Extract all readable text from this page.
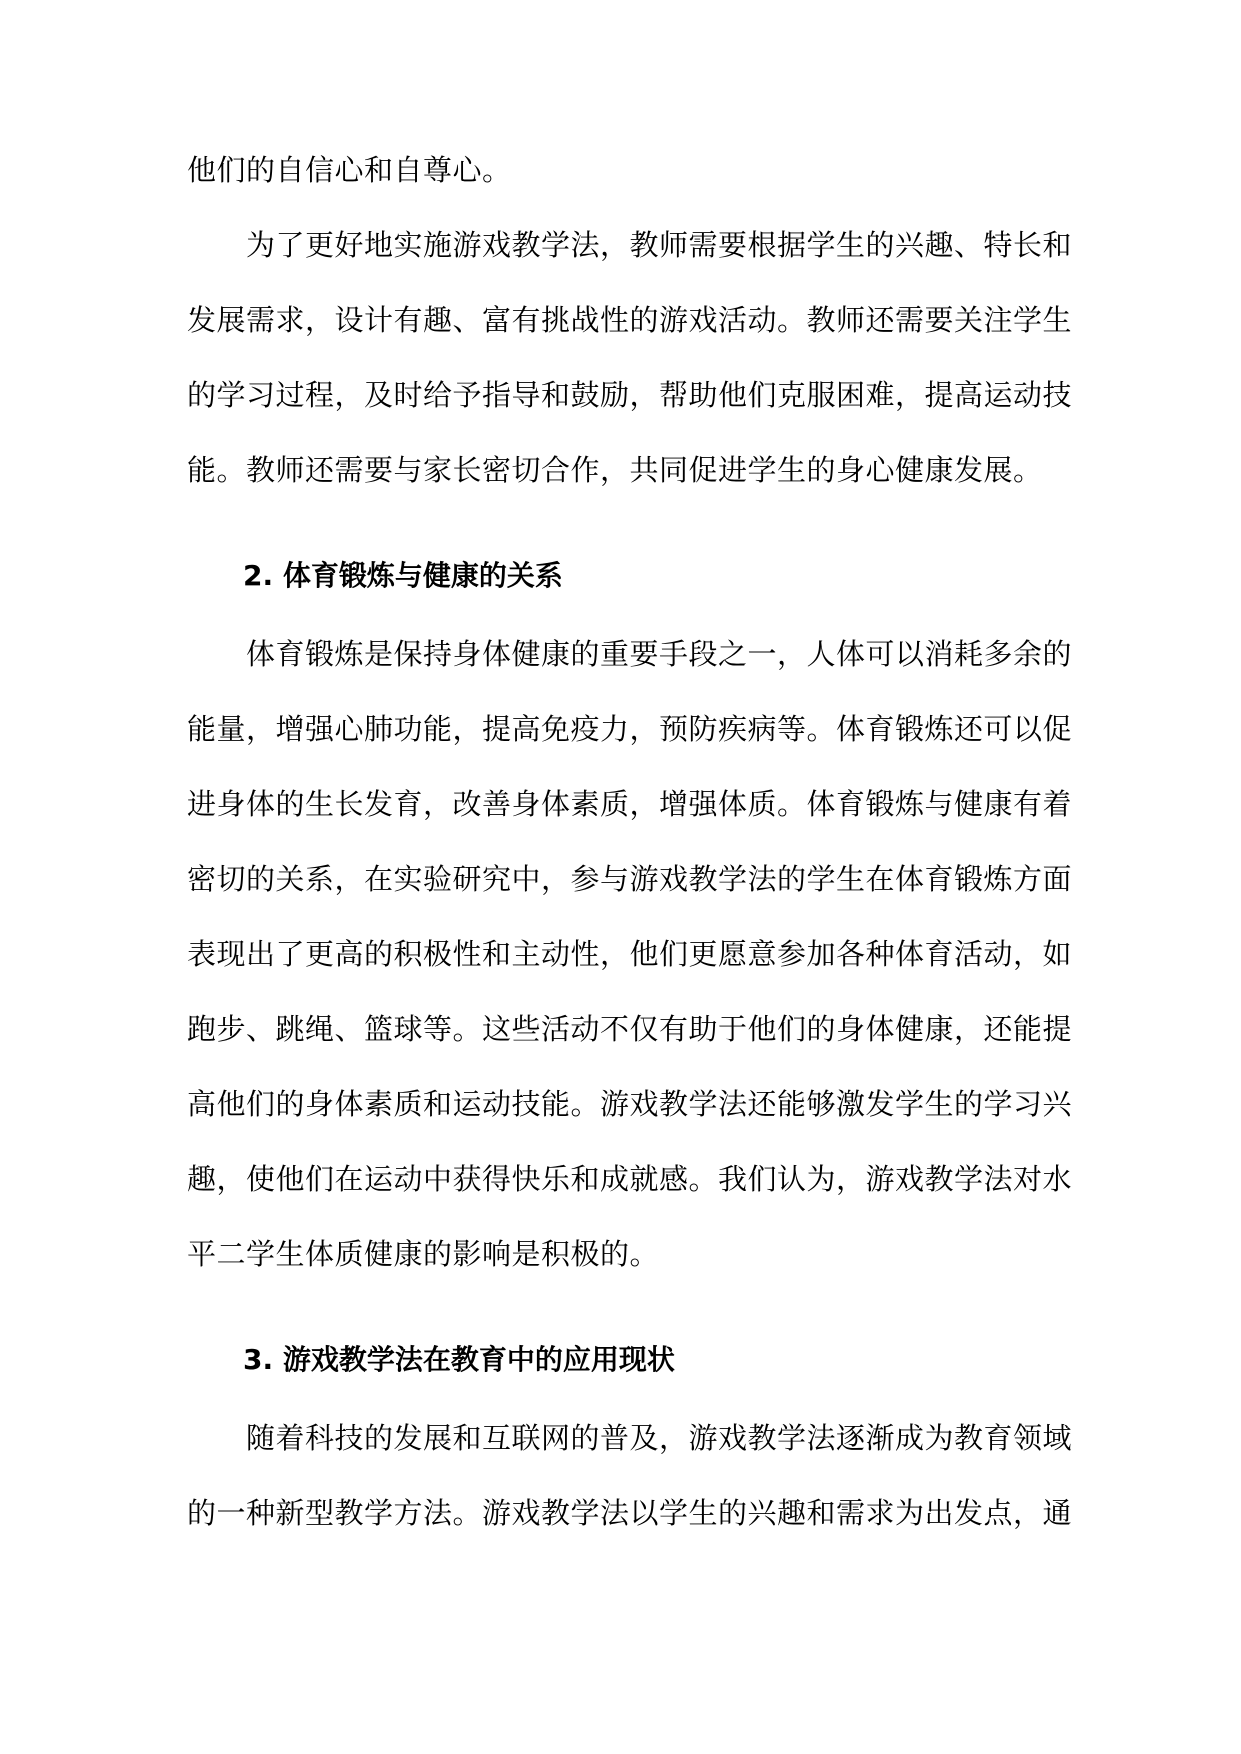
他们的自信心和自尊心。
为了更好地实施游戏教学法，教师需要根据学生的兴趣、特长和
发展需求，设计有趣、富有挑战性的游戏活动。教师还需要关注学生
的学习过程，及时给予指导和鼓励，帮助他们克服困难，提高运动技
能。教师还需要与家长密切合作，共同促进学生的身心健康发展。
2. 体育锻炼与健康的关系
体育锻炼是保持身体健康的重要手段之一，人体可以消耗多余的
能量，增强心肺功能，提高免疫力，预防疾病等。体育锻炼还可以促
进身体的生长发育，改善身体素质，增强体质。体育锻炼与健康有着
密切的关系，在实验研究中，参与游戏教学法的学生在体育锻炼方面
表现出了更高的积极性和主动性，他们更愿意参加各种体育活动，如
跑步、跳绳、篮球等。这些活动不仅有助于他们的身体健康，还能提
高他们的身体素质和运动技能。游戏教学法还能够激发学生的学习兴
趣，使他们在运动中获得快乐和成就感。我们认为，游戏教学法对水
平二学生体质健康的影响是积极的。
3. 游戏教学法在教育中的应用现状
随着科技的发展和互联网的普及，游戏教学法逐渐成为教育领域
的一种新型教学方法。游戏教学法以学生的兴趣和需求为出发点，通
